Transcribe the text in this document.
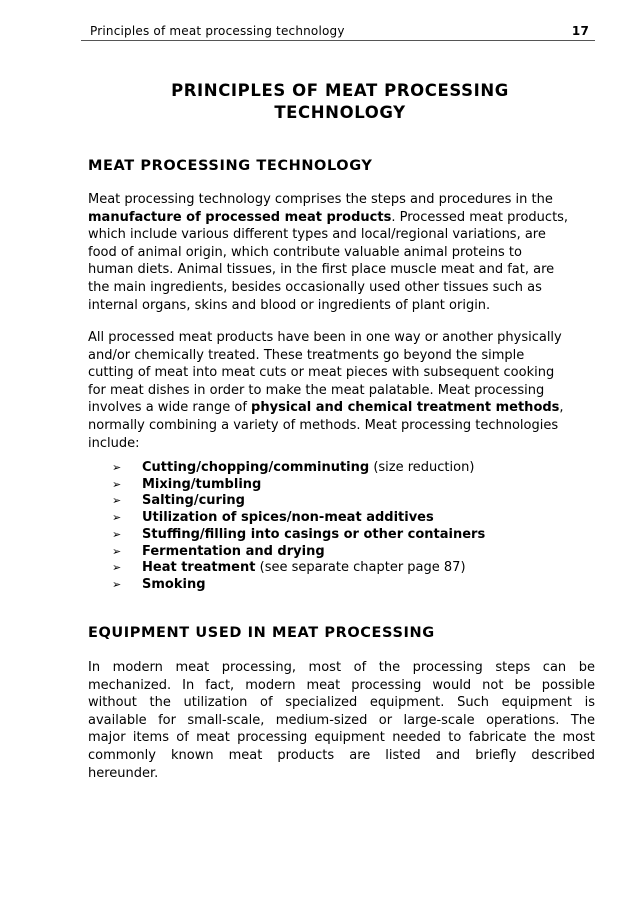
Principles of meat processing technology	17
PRINCIPLES OF MEAT PROCESSING
TECHNOLOGY
MEAT PROCESSING TECHNOLOGY
Meat processing technology comprises the steps and procedures in the
manufacture of processed meat products. Processed meat products,
which include various different types and local/regional variations, are
food of animal origin, which contribute valuable animal proteins to
human diets. Animal tissues, in the first place muscle meat and fat, are
the main ingredients, besides occasionally used other tissues such as
internal organs, skins and blood or ingredients of plant origin.
All processed meat products have been in one way or another physically
and/or chemically treated. These treatments go beyond the simple
cutting of meat into meat cuts or meat pieces with subsequent cooking
for meat dishes in order to make the meat palatable. Meat processing
involves a wide range of physical and chemical treatment methods,
normally combining a variety of methods. Meat processing technologies
include:
➢ Cutting/chopping/comminuting (size reduction)
➢ Mixing/tumbling
➢ Salting/curing
➢ Utilization of spices/non-meat additives
➢ Stuffing/filling into casings or other containers
➢ Fermentation and drying
➢ Heat treatment (see separate chapter page 87)
➢ Smoking
EQUIPMENT USED IN MEAT PROCESSING
In modern meat processing, most of the processing steps can be
mechanized. In fact, modern meat processing would not be possible
without the utilization of specialized equipment. Such equipment is
available for small-scale, medium-sized or large-scale operations. The
major items of meat processing equipment needed to fabricate the most
commonly known meat products are listed and briefly described
hereunder.
